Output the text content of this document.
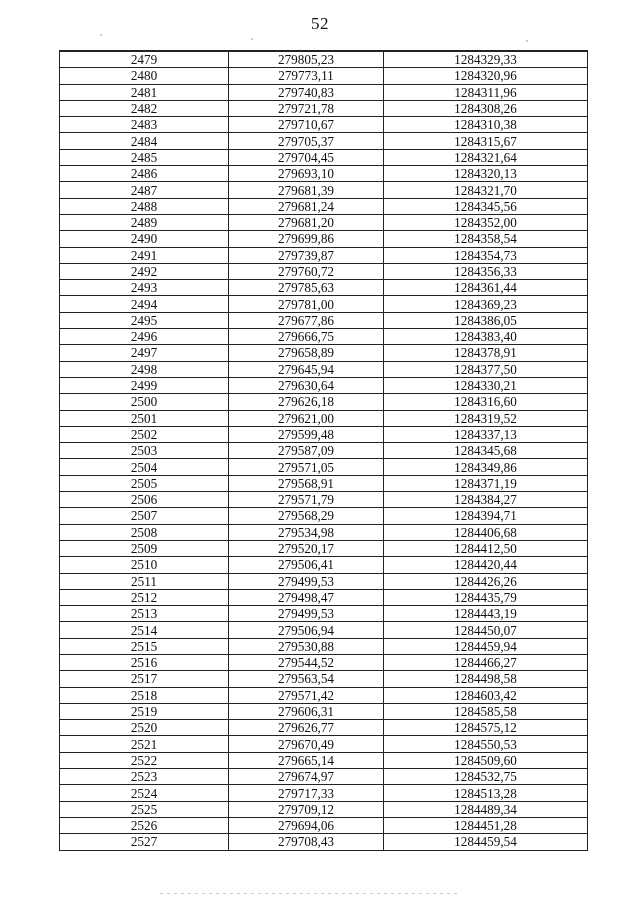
52
2479	279805,23	1284329,33
2480	279773,11	1284320,96
2481	279740,83	1284311,96
2482	279721,78	1284308,26
2483	279710,67	1284310,38
2484	279705,37	1284315,67
2485	279704,45	1284321,64
2486	279693,10	1284320,13
2487	279681,39	1284321,70
2488	279681,24	1284345,56
2489	279681,20	1284352,00
2490	279699,86	1284358,54
2491	279739,87	1284354,73
2492	279760,72	1284356,33
2493	279785,63	1284361,44
2494	279781,00	1284369,23
2495	279677,86	1284386,05
2496	279666,75	1284383,40
2497	279658,89	1284378,91
2498	279645,94	1284377,50
2499	279630,64	1284330,21
2500	279626,18	1284316,60
2501	279621,00	1284319,52
2502	279599,48	1284337,13
2503	279587,09	1284345,68
2504	279571,05	1284349,86
2505	279568,91	1284371,19
2506	279571,79	1284384,27
2507	279568,29	1284394,71
2508	279534,98	1284406,68
2509	279520,17	1284412,50
2510	279506,41	1284420,44
2511	279499,53	1284426,26
2512	279498,47	1284435,79
2513	279499,53	1284443,19
2514	279506,94	1284450,07
2515	279530,88	1284459,94
2516	279544,52	1284466,27
2517	279563,54	1284498,58
2518	279571,42	1284603,42
2519	279606,31	1284585,58
2520	279626,77	1284575,12
2521	279670,49	1284550,53
2522	279665,14	1284509,60
2523	279674,97	1284532,75
2524	279717,33	1284513,28
2525	279709,12	1284489,34
2526	279694,06	1284451,28
2527	279708,43	1284459,54
